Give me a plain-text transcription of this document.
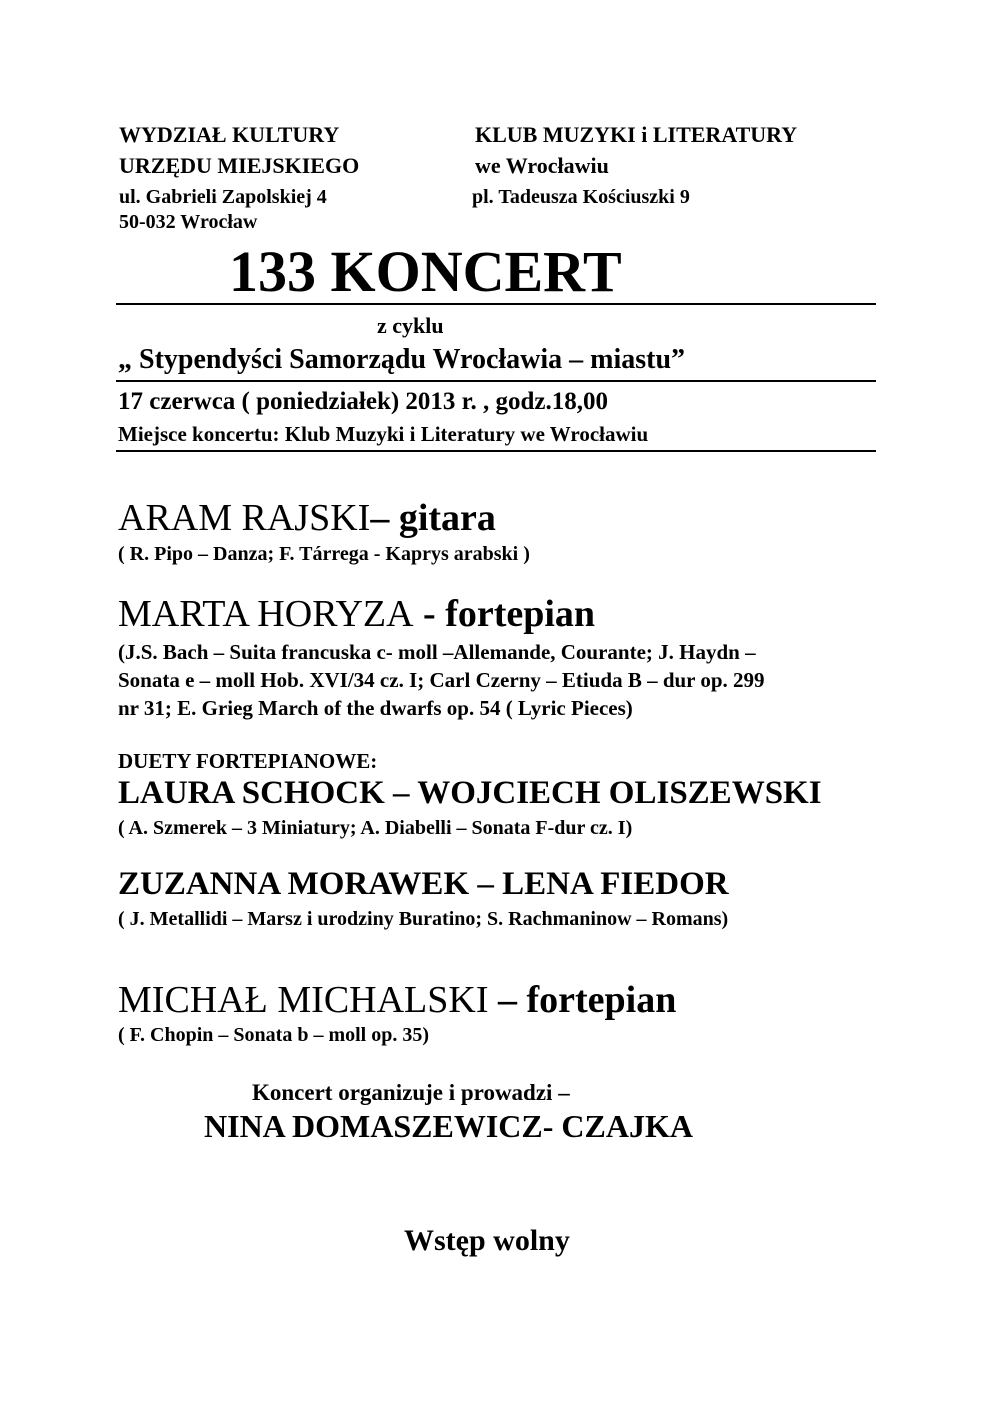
WYDZIAŁ KULTURY
URZĘDU MIEJSKIEGO
ul. Gabrieli Zapolskiej 4
50-032 Wrocław
KLUB MUZYKI i LITERATURY
we Wrocławiu
pl. Tadeusza Kościuszki 9
133 KONCERT
z cyklu
„ Stypendyści Samorządu Wrocławia – miastu”
17 czerwca ( poniedziałek) 2013 r. , godz.18,00
Miejsce koncertu: Klub Muzyki i Literatury we Wrocławiu
ARAM RAJSKI– gitara
( R. Pipo – Danza; F. Tárrega - Kaprys arabski )
MARTA HORYZA - fortepian
(J.S. Bach – Suita francuska c- moll –Allemande, Courante; J. Haydn –
Sonata e – moll Hob. XVI/34 cz. I; Carl Czerny – Etiuda B – dur op. 299
nr 31; E. Grieg March of the dwarfs op. 54 ( Lyric Pieces)
DUETY FORTEPIANOWE:
LAURA SCHOCK – WOJCIECH OLISZEWSKI
( A. Szmerek – 3 Miniatury; A. Diabelli – Sonata F-dur cz. I)
ZUZANNA MORAWEK – LENA FIEDOR
( J. Metallidi – Marsz i urodziny Buratino; S. Rachmaninow – Romans)
MICHAŁ MICHALSKI – fortepian
( F. Chopin – Sonata b – moll op. 35)
Koncert organizuje i prowadzi –
NINA DOMASZEWICZ- CZAJKA
Wstęp wolny
